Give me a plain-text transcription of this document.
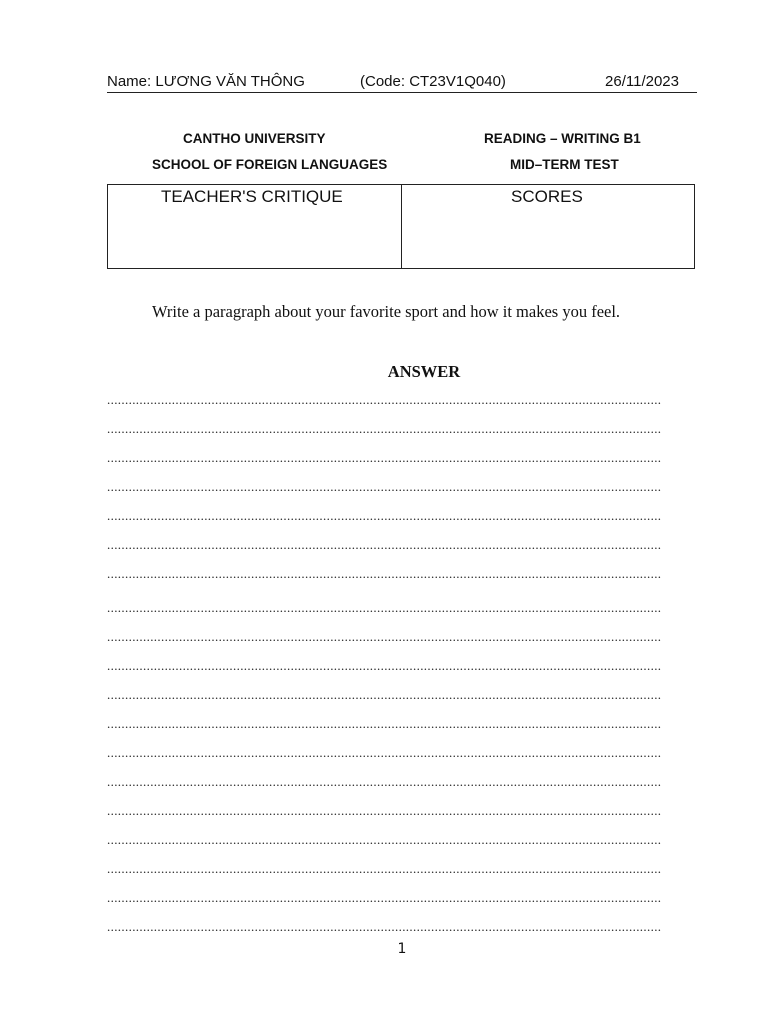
Name: LƯƠNG VĂN THÔNG	(Code: CT23V1Q040)	26/11/2023
CANTHO UNIVERSITY
SCHOOL OF FOREIGN LANGUAGES
READING – WRITING B1
MID–TERM TEST
TEACHER'S CRITIQUE	SCORES
Write a paragraph about your favorite sport and how it makes you feel.
ANSWER
..........................................................................................................................................................
..........................................................................................................................................................
..........................................................................................................................................................
..........................................................................................................................................................
..........................................................................................................................................................
..........................................................................................................................................................
..........................................................................................................................................................
..........................................................................................................................................................
..........................................................................................................................................................
..........................................................................................................................................................
..........................................................................................................................................................
..........................................................................................................................................................
..........................................................................................................................................................
..........................................................................................................................................................
..........................................................................................................................................................
..........................................................................................................................................................
..........................................................................................................................................................
..........................................................................................................................................................
..........................................................................................................................................................
1
